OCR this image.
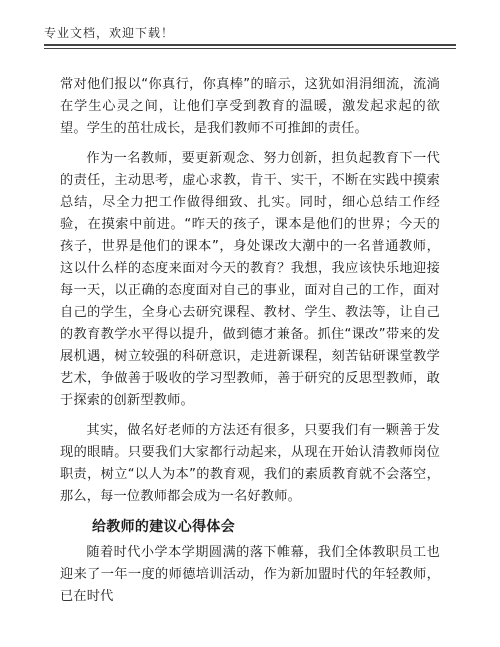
专业文档，欢迎下载！

常对他们报以“你真行，你真棒”的暗示，这犹如涓涓细流，流淌在学生心灵之间，让他们享受到教育的温暖，激发起求起的欲望。学生的茁壮成长，是我们教师不可推卸的责任。

作为一名教师，要更新观念、努力创新，担负起教育下一代的责任，主动思考，虚心求教，肯干、实干，不断在实践中摸索总结，尽全力把工作做得细致、扎实。同时，细心总结工作经验，在摸索中前进。“昨天的孩子，课本是他们的世界；今天的孩子，世界是他们的课本”，身处课改大潮中的一名普通教师，这以什么样的态度来面对今天的教育？我想，我应该快乐地迎接每一天，以正确的态度面对自己的事业，面对自己的工作，面对自己的学生，全身心去研究课程、教材、学生、教法等，让自己的教育教学水平得以提升，做到德才兼备。抓住“课改”带来的发展机遇，树立较强的科研意识，走进新课程，刻苦钻研课堂教学艺术，争做善于吸收的学习型教师，善于研究的反思型教师，敢于探索的创新型教师。

其实，做名好老师的方法还有很多，只要我们有一颗善于发现的眼睛。只要我们大家都行动起来，从现在开始认清教师岗位职责，树立“以人为本”的教育观，我们的素质教育就不会落空，那么，每一位教师都会成为一名好教师。

给教师的建议心得体会

随着时代小学本学期圆满的落下帷幕，我们全体教职员工也迎来了一年一度的师德培训活动，作为新加盟时代的年轻教师，已在时代
